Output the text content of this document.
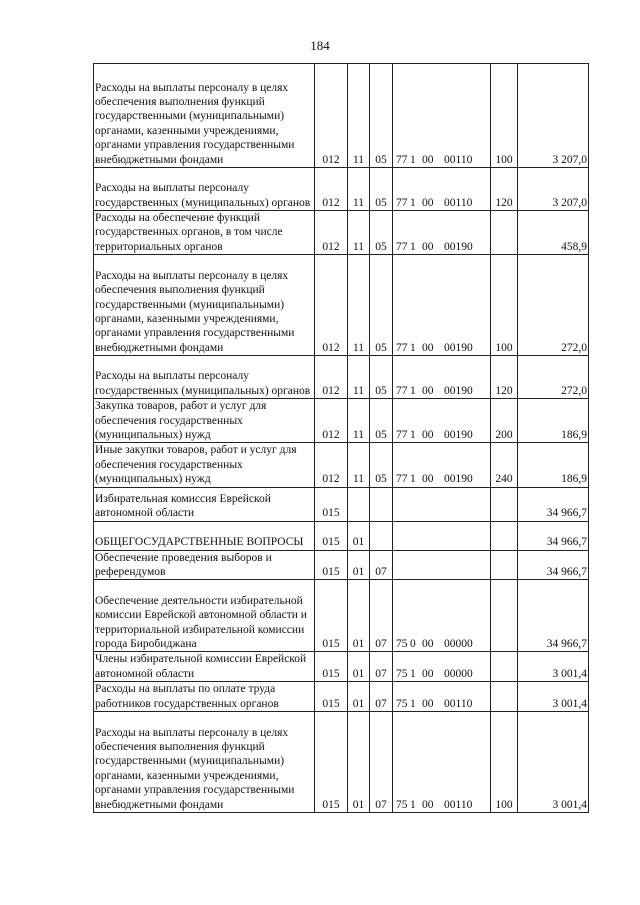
184
Расходы на выплаты персоналу в целях обеспечения выполнения функций государственными (муниципальными) органами, казенными учреждениями, органами управления государственными внебюджетными фондами	012	11	05	77 1 00 00110	100	3 207,0
Расходы на выплаты персоналу государственных (муниципальных) органов	012	11	05	77 1 00 00110	120	3 207,0
Расходы на обеспечение функций государственных органов, в том числе территориальных органов	012	11	05	77 1 00 00190		458,9
Расходы на выплаты персоналу в целях обеспечения выполнения функций государственными (муниципальными) органами, казенными учреждениями, органами управления государственными внебюджетными фондами	012	11	05	77 1 00 00190	100	272,0
Расходы на выплаты персоналу государственных (муниципальных) органов	012	11	05	77 1 00 00190	120	272,0
Закупка товаров, работ и услуг для обеспечения государственных (муниципальных) нужд	012	11	05	77 1 00 00190	200	186,9
Иные закупки товаров, работ и услуг для обеспечения государственных (муниципальных) нужд	012	11	05	77 1 00 00190	240	186,9
Избирательная комиссия Еврейской автономной области	015					34 966,7
ОБЩЕГОСУДАРСТВЕННЫЕ ВОПРОСЫ	015	01				34 966,7
Обеспечение проведения выборов и референдумов	015	01	07			34 966,7
Обеспечение деятельности избирательной комиссии Еврейской автономной области и территориальной избирательной комиссии города Биробиджана	015	01	07	75 0 00 00000		34 966,7
Члены избирательной комиссии Еврейской автономной области	015	01	07	75 1 00 00000		3 001,4
Расходы на выплаты по оплате труда работников государственных органов	015	01	07	75 1 00 00110		3 001,4
Расходы на выплаты персоналу в целях обеспечения выполнения функций государственными (муниципальными) органами, казенными учреждениями, органами управления государственными внебюджетными фондами	015	01	07	75 1 00 00110	100	3 001,4
